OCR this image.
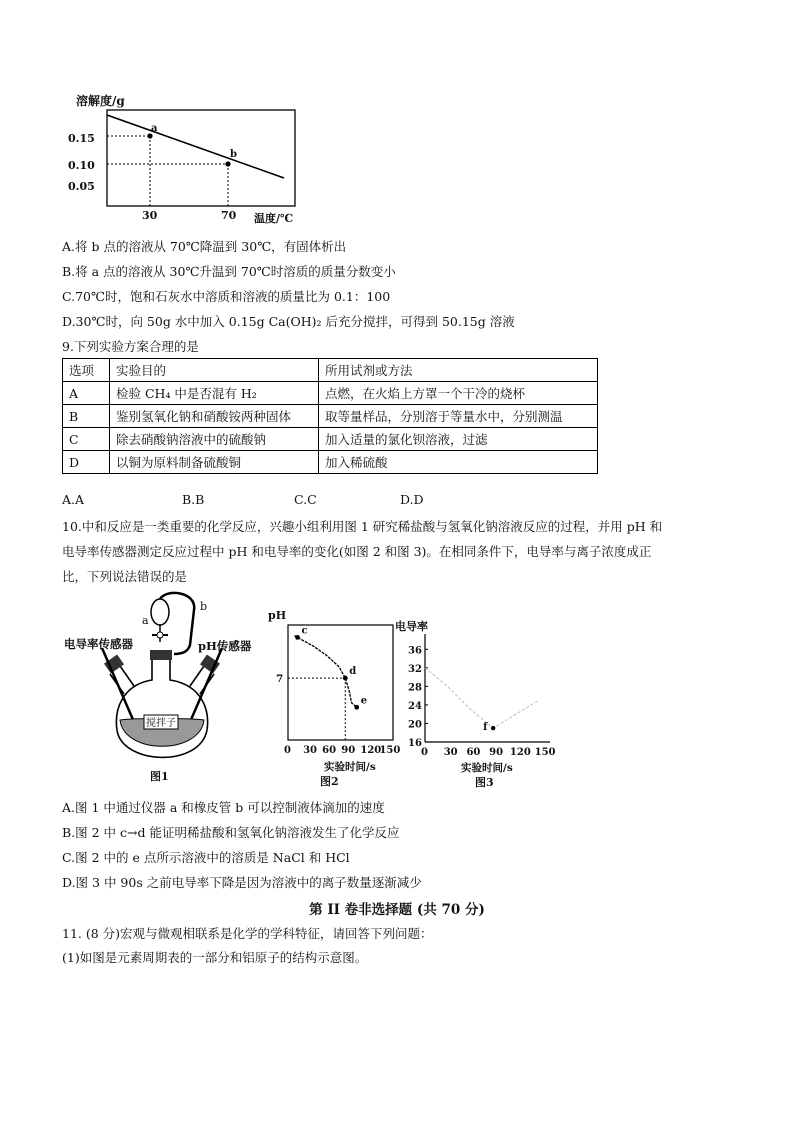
溶解度/g
0.15
0.10
0.05
a
b
30	70 温度/℃
A.将 b 点的溶液从 70℃降温到 30℃，有固体析出
B.将 a 点的溶液从 30℃升温到 70℃时溶质的质量分数变小
C.70℃时，饱和石灰水中溶质和溶液的质量比为 0.1：100
D.30℃时，向 50g 水中加入 0.15g Ca(OH)₂ 后充分搅拌，可得到 50.15g 溶液
9.下列实验方案合理的是
选项	实验目的	所用试剂或方法
A	检验 CH₄ 中是否混有 H₂	点燃，在火焰上方罩一个干冷的烧杯
B	鉴别氢氧化钠和硝酸铵两种固体	取等量样品，分别溶于等量水中，分别测温
C	除去硝酸钠溶液中的硫酸钠	加入适量的氯化钡溶液，过滤
D	以铜为原料制备硫酸铜	加入稀硫酸
A.A	B.B	C.C	D.D
10.中和反应是一类重要的化学反应，兴趣小组利用图 1 研究稀盐酸与氢氧化钠溶液反应的过程，并用 pH 和
电导率传感器测定反应过程中 pH 和电导率的变化(如图 2 和图 3)。在相同条件下，电导率与离子浓度成正
比，下列说法错误的是
b
a
电导率传感器	pH传感器
搅拌子
图1
0 30 60 90 120
150
7
c
d
e
pH
实验时间/s
图2
36
32
28
24
20
16
0 30 60 90	150
120
f
电导率
实验时间/s
图3
A.图 1 中通过仪器 a 和橡皮管 b 可以控制液体滴加的速度
B.图 2 中 c→d 能证明稀盐酸和氢氧化钠溶液发生了化学反应
C.图 2 中的 e 点所示溶液中的溶质是 NaCl 和 HCl
D.图 3 中 90s 之前电导率下降是因为溶液中的离子数量逐渐减少
第 II 卷非选择题 (共 70 分)
11. (8 分)宏观与微观相联系是化学的学科特征，请回答下列问题：
(1)如图是元素周期表的一部分和铝原子的结构示意图。
